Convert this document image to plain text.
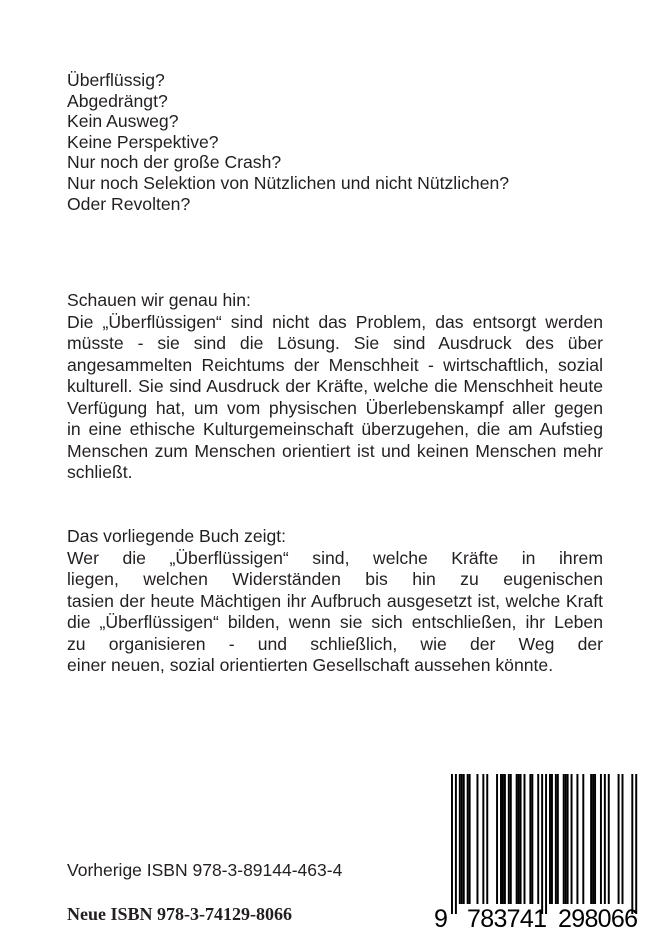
Überflüssig?
Abgedrängt?
Kein Ausweg?
Keine Perspektive?
Nur noch der große Crash?
Nur noch Selektion von Nützlichen und nicht Nützlichen?
Oder Revolten?
Schauen wir genau hin:
Die „Überflüssigen“ sind nicht das Problem, das entsorgt werden
müsste - sie sind die Lösung. Sie sind Ausdruck des über
angesammelten Reichtums der Menschheit - wirtschaftlich, sozial
kulturell. Sie sind Ausdruck der Kräfte, welche die Menschheit heute
Verfügung hat, um vom physischen Überlebenskampf aller gegen
in eine ethische Kulturgemeinschaft überzugehen, die am Aufstieg
Menschen zum Menschen orientiert ist und keinen Menschen mehr
schließt.
Das vorliegende Buch zeigt:
Wer die „Überflüssigen“ sind, welche Kräfte in ihrem
liegen, welchen Widerständen bis hin zu eugenischen
tasien der heute Mächtigen ihr Aufbruch ausgesetzt ist, welche Kraft
die „Überflüssigen“ bilden, wenn sie sich entschließen, ihr Leben
zu organisieren - und schließlich, wie der Weg der
einer neuen, sozial orientierten Gesellschaft aussehen könnte.
Vorherige ISBN 978-3-89144-463-4
Neue ISBN 978-3-74129-8066	9 783741 298066
